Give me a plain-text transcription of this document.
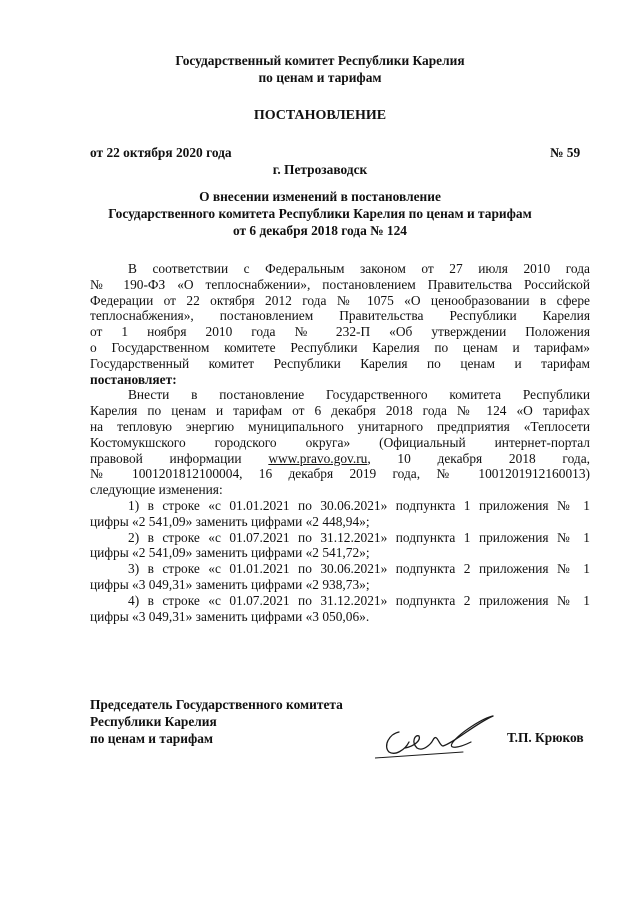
Государственный комитет Республики Карелия
по ценам и тарифам
ПОСТАНОВЛЕНИЕ
от 22 октября 2020 года	№ 59
г. Петрозаводск
О внесении изменений в постановление
Государственного комитета Республики Карелия по ценам и тарифам
от 6 декабря 2018 года № 124

В соответствии с Федеральным законом от 27 июля 2010 года

№ 190-ФЗ «О теплоснабжении», постановлением Правительства Российской

Федерации от 22 октября 2012 года № 1075 «О ценообразовании в сфере

теплоснабжения», постановлением Правительства Республики Карелия

от 1 ноября 2010 года № 232-П «Об утверждении Положения

о Государственном комитете Республики Карелия по ценам и тарифам»

Государственный комитет Республики Карелия по ценам и тарифам

постановляет:

Внести в постановление Государственного комитета Республики

Карелия по ценам и тарифам от 6 декабря 2018 года № 124 «О тарифах

на тепловую энергию муниципального унитарного предприятия «Теплосети

Костомукшского городского округа» (Официальный интернет-портал

правовой информации www.pravo.gov.ru, 10 декабря 2018 года,

№ 1001201812100004, 16 декабря 2019 года, № 1001201912160013)

следующие изменения:

1) в строке «с 01.01.2021 по 30.06.2021» подпункта 1 приложения № 1

цифры «2 541,09» заменить цифрами «2 448,94»;

2) в строке «с 01.07.2021 по 31.12.2021» подпункта 1 приложения № 1

цифры «2 541,09» заменить цифрами «2 541,72»;

3) в строке «с 01.01.2021 по 30.06.2021» подпункта 2 приложения № 1

цифры «3 049,31» заменить цифрами «2 938,73»;

4) в строке «с 01.07.2021 по 31.12.2021» подпункта 2 приложения № 1

цифры «3 049,31» заменить цифрами «3 050,06».

Председатель Государственного комитета
Республики Карелия
по ценам и тарифам	Т.П. Крюков
